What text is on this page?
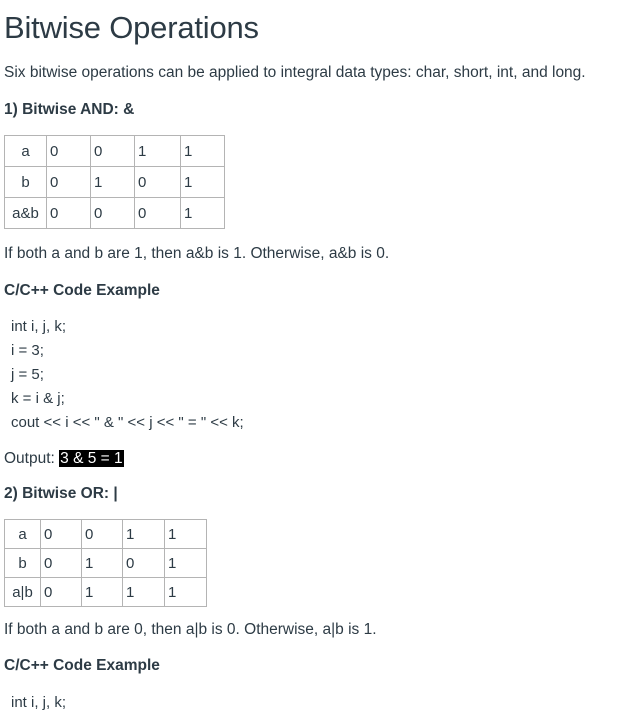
Bitwise Operations

Six bitwise operations can be applied to integral data types: char, short, int, and long.

1) Bitwise AND: &

a	0	0	1	1
b	0	1	0	1
a&b	0	0	0	1

If both a and b are 1, then a&b is 1. Otherwise, a&b is 0.

C/C++ Code Example

int i, j, k;
i = 3;
j = 5;
k = i & j;
cout << i << " & " << j << " = " << k;

Output: 3 & 5 = 1

2) Bitwise OR: |

a	0	0	1	1
b	0	1	0	1
a|b	0	1	1	1

If both a and b are 0, then a|b is 0. Otherwise, a|b is 1.

C/C++ Code Example

int i, j, k;
